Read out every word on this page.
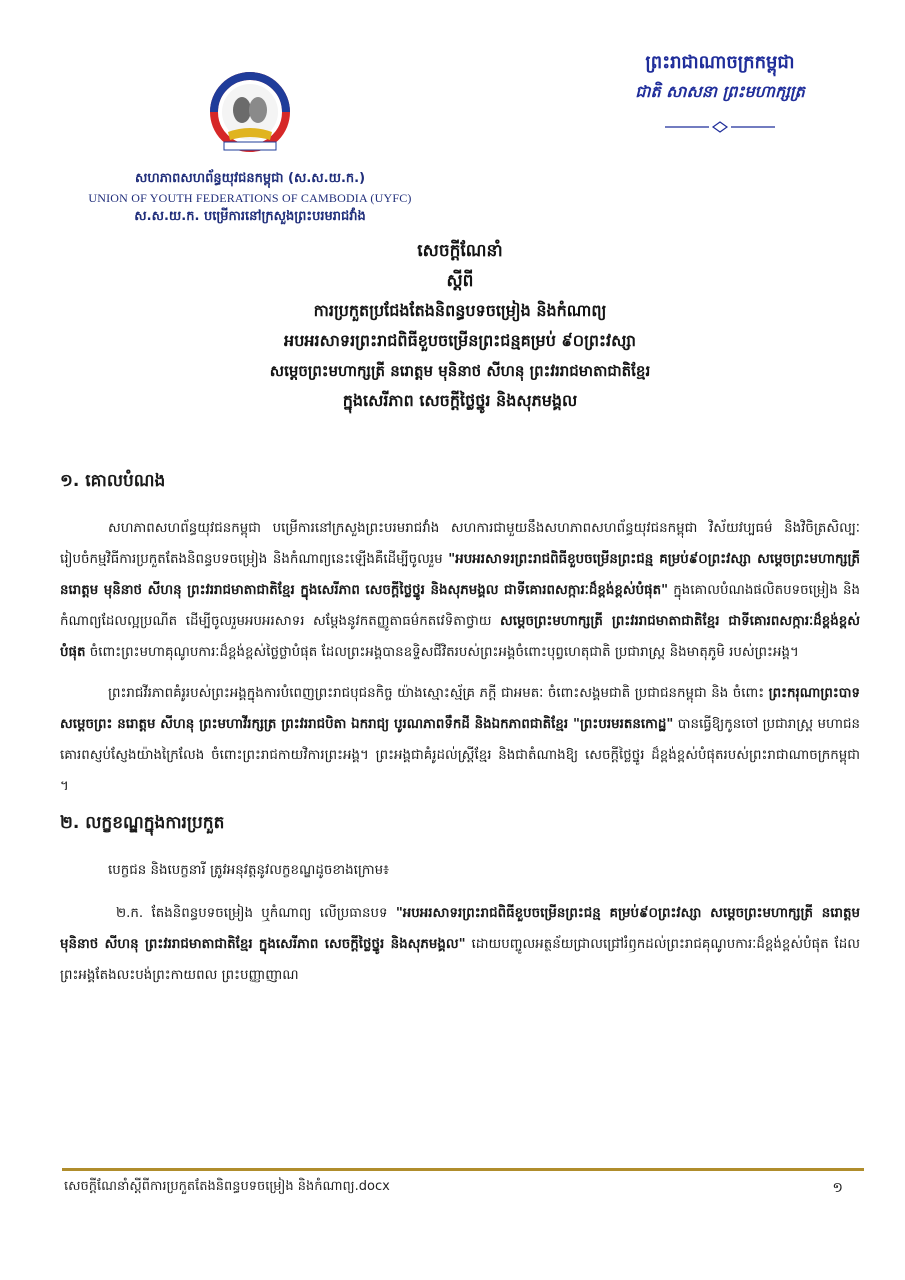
សហភាពសហព័ន្ធយុវជនកម្ពុជា (ស.ស.យ.ក.)
UNION OF YOUTH FEDERATIONS OF CAMBODIA (UYFC)
ស.ស.យ.ក. បម្រើការនៅក្រសួងព្រះបរមរាជវាំង
ព្រះរាជាណាចក្រកម្ពុជា
ជាតិ សាសនា ព្រះមហាក្សត្រ
សេចក្តីណែនាំ
ស្តីពី
ការប្រកួតប្រជែងតែងនិពន្ធបទចម្រៀង និងកំណាព្យ
អបអរសាទរព្រះរាជពិធីខួបចម្រើនព្រះជន្មគម្រប់ ៩០ព្រះវស្សា
សម្តេចព្រះមហាក្សត្រី នរោត្តម មុនិនាថ សីហនុ ព្រះវររាជមាតាជាតិខ្មែរ
ក្នុងសេរីភាព សេចក្តីថ្លៃថ្នូរ និងសុភមង្គល
១. គោលបំណង

សហភាពសហព័ន្ធយុវជនកម្ពុជា បម្រើការនៅក្រសួងព្រះបរមរាជវាំង សហការជាមួយនឹងសហភាពសហព័ន្ធយុវជនកម្ពុជា វិស័យវប្បធម៌ និងវិចិត្រសិល្បៈ រៀបចំកម្មវិធីការប្រកួតតែងនិពន្ធបទចម្រៀង និងកំណាព្យនេះឡើងគឺដើម្បីចូលរួម "អបអរសាទរព្រះរាជពិធីខួបចម្រើនព្រះជន្ម គម្រប់៩០ព្រះវស្សា សម្តេចព្រះមហាក្សត្រី នរោត្តម មុនិនាថ សីហនុ ព្រះវររាជមាតាជាតិខ្មែរ ក្នុងសេរីភាព សេចក្តីថ្លៃថ្នូរ និងសុភមង្គល ជាទីគោរពសក្ការៈដ៏ខ្ពង់ខ្ពស់បំផុត" ក្នុងគោលបំណងផលិតបទចម្រៀង និងកំណាព្យដែលល្អប្រណីត ដើម្បីចូលរួមអបអរសាទរ សម្តែងនូវកតញ្ញូតាធម៌កតវេទិតាថ្វាយ សម្តេចព្រះមហាក្សត្រី ព្រះវររាជមាតាជាតិខ្មែរ ជាទីគោរពសក្ការៈដ៏ខ្ពង់ខ្ពស់បំផុត ចំពោះព្រះមហាគុណូបការៈដ៏ខ្ពង់ខ្ពស់ថ្លៃថ្លាបំផុត ដែលព្រះអង្គបានឧទ្ទិសជីវិតរបស់ព្រះអង្គចំពោះបុព្វហេតុជាតិ ប្រជារាស្ត្រ និងមាតុភូមិ របស់ព្រះអង្គ។

ព្រះរាជវីរភាពគំរូរបស់ព្រះអង្គក្នុងការបំពេញព្រះរាជបុជនកិច្ច យ៉ាងស្មោះស្ម័គ្រ ភក្តី ជាអមតៈ ចំពោះសង្គមជាតិ ប្រជាជនកម្ពុជា និង ចំពោះ ព្រះករុណាព្រះបាទសម្តេចព្រះ នរោត្តម សីហនុ ព្រះមហាវីរក្សត្រ ព្រះវររាជបិតា ឯករាជ្យ បូរណភាពទឹកដី និងឯកភាពជាតិខ្មែរ "ព្រះបរមរតនកោដ្ឋ" បានធ្វើឱ្យកូនចៅ ប្រជារាស្ត្រ មហាជនគោរពស្ញប់ស្ញែងយ៉ាងក្រៃលែង ចំពោះព្រះរាជកាយវិការព្រះអង្គ។ ព្រះអង្គជាគំរូដល់ស្ត្រីខ្មែរ និងជាតំណាងឱ្យ សេចក្តីថ្លៃថ្នូរ ដ៏ខ្ពង់ខ្ពស់បំផុតរបស់ព្រះរាជាណាចក្រកម្ពុជា ។

២. លក្ខខណ្ឌក្នុងការប្រកួត

បេក្ខជន និងបេក្ខនារី ត្រូវអនុវត្តនូវលក្ខខណ្ឌដូចខាងក្រោម៖

២.ក. តែងនិពន្ធបទចម្រៀង ឬកំណាព្យ លើប្រធានបទ "អបអរសាទរព្រះរាជពិធីខួបចម្រើនព្រះជន្ម គម្រប់៩០ព្រះវស្សា សម្តេចព្រះមហាក្សត្រី នរោត្តម មុនិនាថ សីហនុ ព្រះវររាជមាតាជាតិខ្មែរ ក្នុងសេរីភាព សេចក្តីថ្លៃថ្នូរ និងសុភមង្គល" ដោយបញ្ចូលអត្ថន័យជ្រាលជ្រៅរំឭកដល់ព្រះរាជគុណូបការៈដ៏ខ្ពង់ខ្ពស់បំផុត ដែលព្រះអង្គតែងលះបង់ព្រះកាយពល ព្រះបញ្ញាញាណ

សេចក្តីណែនាំស្តីពីការប្រកួតតែងនិពន្ធបទចម្រៀង និងកំណាព្យ.docx	១
